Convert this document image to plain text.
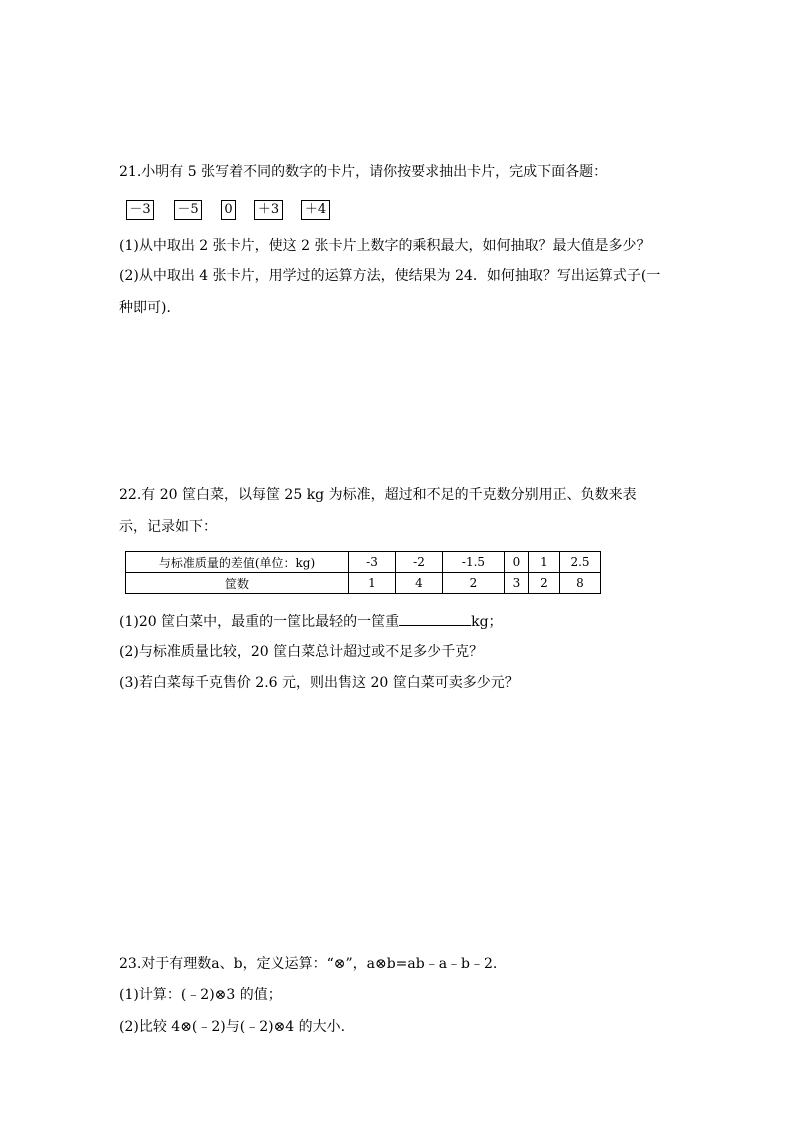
21.小明有 5 张写着不同的数字的卡片，请你按要求抽出卡片，完成下面各题：
－3 －5 0 ＋3 ＋4
(1)从中取出 2 张卡片，使这 2 张卡片上数字的乘积最大，如何抽取？最大值是多少？
(2)从中取出 4 张卡片，用学过的运算方法，使结果为 24．如何抽取？写出运算式子(一
种即可)．
22.有 20 筐白菜，以每筐 25 kg 为标准，超过和不足的千克数分别用正、负数来表
示，记录如下：
与标准质量的差值(单位：kg)	-3	-2	-1.5	0	1	2.5
筐数	1	4	2	3	2	8
(1)20 筐白菜中，最重的一筐比最轻的一筐重	kg；
(2)与标准质量比较，20 筐白菜总计超过或不足多少千克？
(3)若白菜每千克售价 2.6 元，则出售这 20 筐白菜可卖多少元？
23.对于有理数a、b，定义运算：“⊗”，a⊗b=ab﹣a﹣b﹣2.
(1)计算：(﹣2)⊗3 的值；
(2)比较 4⊗(﹣2)与(﹣2)⊗4 的大小.
